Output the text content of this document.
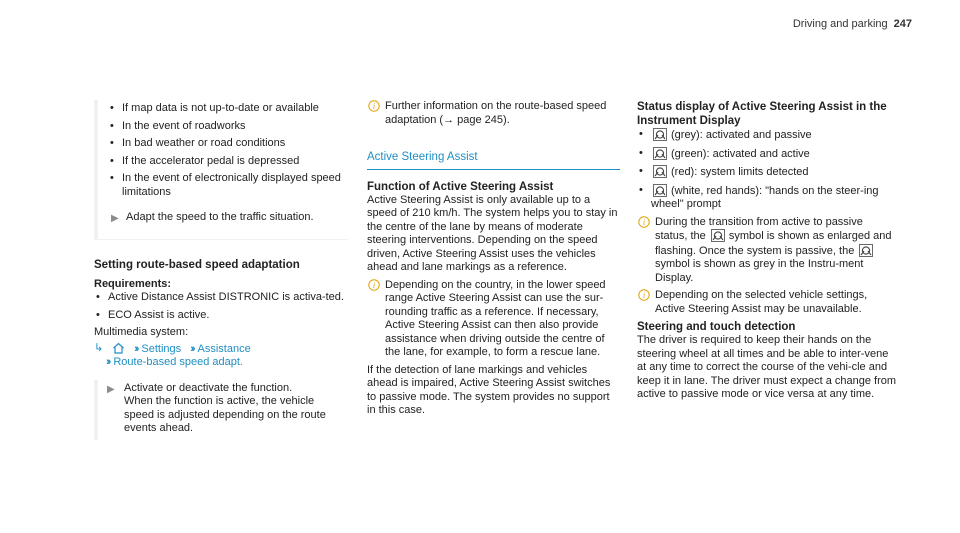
Driving and parking 247
• If map data is not up-to-date or available
• In the event of roadworks
• In bad weather or road conditions
• If the accelerator pedal is depressed
• In the event of electronically displayed speed limitations
▶ Adapt the speed to the traffic situation.
Setting route-based speed adaptation
Requirements:
• Active Distance Assist DISTRONIC is activa-ted.
• ECO Assist is active.
Multimedia system:
↳	›› Settings ›› Assistance
›› Route-based speed adapt.
▶ Activate or deactivate the function.
When the function is active, the vehicle speed is adjusted depending on the route events ahead.
i Further information on the route-based speed adaptation (→ page 245).
Active Steering Assist
Function of Active Steering Assist

Active Steering Assist is only available up to a speed of 210 km/h. The system helps you to stay in the centre of the lane by means of moderate steering interventions. Depending on the speed driven, Active Steering Assist uses the vehicles ahead and lane markings as a reference.

i Depending on the country, in the lower speed range Active Steering Assist can use the sur-rounding traffic as a reference. If necessary, Active Steering Assist can then also provide assistance when driving outside the centre of the lane, for example, to form a rescue lane.

If the detection of lane markings and vehicles ahead is impaired, Active Steering Assist switches to passive mode. The system provides no support in this case.

Status display of Active Steering Assist in the Instrument Display
• (grey): activated and passive
• (green): activated and active
• (red): system limits detected
• (white, red hands): "hands on the steer-ing wheel" prompt
i During the transition from active to passive status, the symbol is shown as enlarged and flashing. Once the system is passive, the symbol is shown as grey in the Instru-ment Display.
i Depending on the selected vehicle settings, Active Steering Assist may be unavailable.
Steering and touch detection

The driver is required to keep their hands on the steering wheel at all times and be able to inter-vene at any time to correct the course of the vehi-cle and keep it in lane. The driver must expect a change from active to passive mode or vice versa at any time.
